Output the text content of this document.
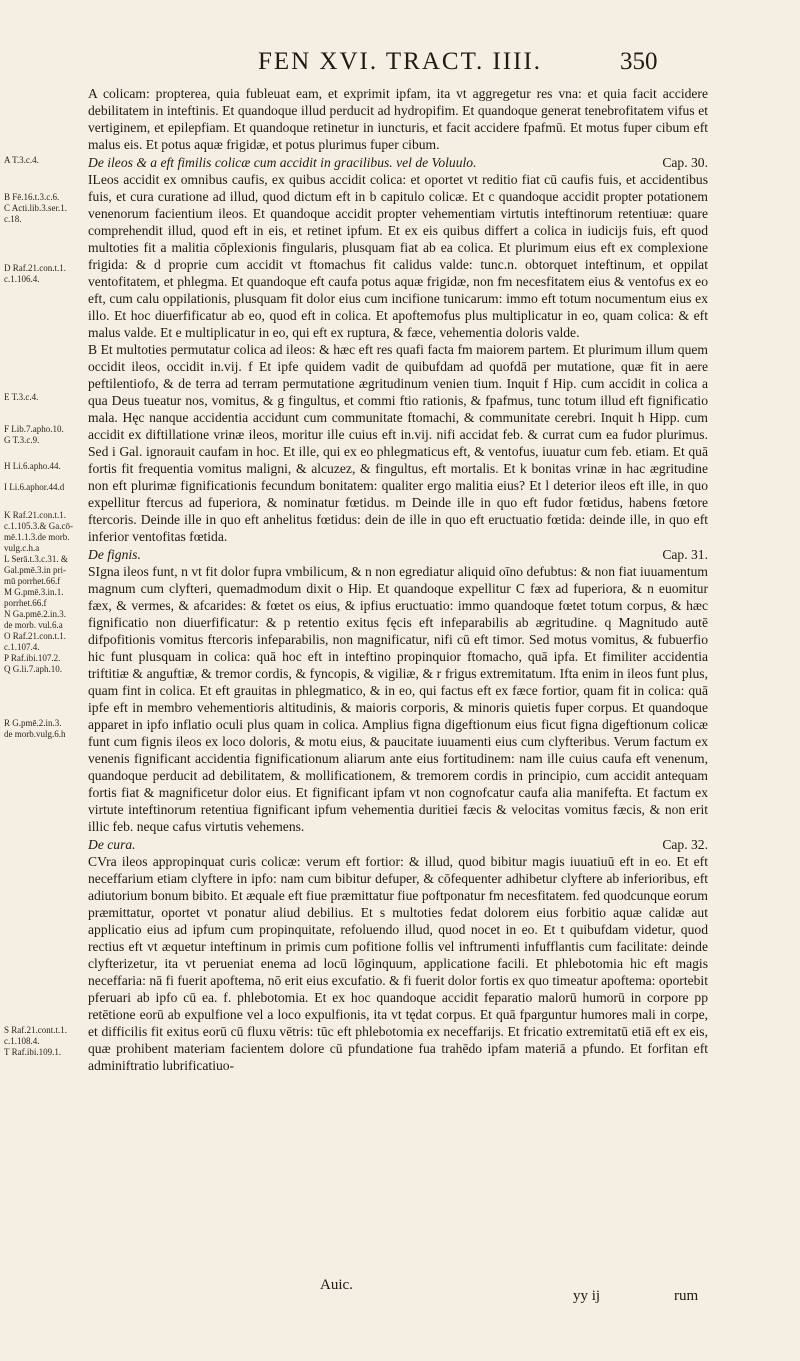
FEN XVI. TRACT. IIII.	350
A T.3.c.4.
B Fē.16.t.3.c.6.
C Acti.lib.3.ser.1.
c.18.
D Raf.21.con.t.1.
c.1.106.4.
E T.3.c.4.
F Lib.7.apho.10.
G T.3.c.9.
H Li.6.apho.44.
I Li.6.aphor.44.d
K Raf.21.con.t.1.
c.1.105.3.& Ga.cō-
mē.1.1.3.de morb.
vulg.c.h.a
L Serā.t.3.c.31. &
Gal.pmē.3.in pri-
mū porrhet.66.f
M G.pmē.3.in.1.
porrhet.66.f
N Ga.pmē.2.in.3.
de morb. vul.6.a
O Raf.21.con.t.1.
c.1.107.4.
P Raf.ibi.107.2.
Q G.li.7.aph.10.
R G.pmē.2.in.3.
de morb.vulg.6.h
S Raf.21.cont.t.1.
c.1.108.4.
T Raf.ibi.109.1.

A colicam: propterea, quia fubleuat eam, et exprimit ipfam, ita vt aggregetur res vna: et quia facit accidere debilitatem in inteftinis. Et quandoque illud perducit ad hydropifim. Et quandoque generat tenebrofitatem vifus et vertiginem, et epilepfiam. Et quandoque retinetur in iuncturis, et facit accidere fpafmū. Et motus fuper cibum eft malus eis. Et potus aquæ frigidæ, et potus plurimus fuper cibum.

Cap. 30.
De ileos & a eft fimilis colicæ cum accidit in gracilibus. vel de Voluulo.

ILeos accidit ex omnibus caufis, ex quibus accidit colica: et oportet vt reditio fiat cū caufis fuis, et accidentibus fuis, et cura curatione ad illud, quod dictum eft in b capitulo colicæ. Et c quandoque accidit propter potationem venenorum facientium ileos. Et quandoque accidit propter vehementiam virtutis inteftinorum retentiuæ: quare comprehendit illud, quod eft in eis, et retinet ipfum. Et ex eis quibus differt a colica in iudicijs fuis, eft quod multoties fit a malitia cōplexionis fingularis, plusquam fiat ab ea colica. Et plurimum eius eft ex complexione frigida: & d proprie cum accidit vt ftomachus fit calidus valde: tunc.n. obtorquet inteftinum, et oppilat ventofitatem, et phlegma. Et quandoque eft caufa potus aquæ frigidæ, non fm necesfitatem eius & ventofus ex eo eft, cum calu oppilationis, plusquam fit dolor eius cum incifione tunicarum: immo eft totum nocumentum eius ex illo. Et hoc diuerfificatur ab eo, quod eft in colica. Et apoftemofus plus multiplicatur in eo, quam colica: & eft malus valde. Et e multiplicatur in eo, qui eft ex ruptura, & fæce, vehementia doloris valde.

B Et multoties permutatur colica ad ileos: & hæc eft res quafi facta fm maiorem partem. Et plurimum illum quem occidit ileos, occidit in.vij. f Et ipfe quidem vadit de quibufdam ad quofdā per mutatione, quæ fit in aere peftilentiofo, & de terra ad terram permutatione ægritudinum venien tium. Inquit f Hip. cum accidit in colica a qua Deus tueatur nos, vomitus, & g fingultus, et commi ftio rationis, & fpafmus, tunc totum illud eft fignificatio mala. Hęc nanque accidentia accidunt cum communitate ftomachi, & communitate cerebri. Inquit h Hipp. cum accidit ex diftillatione vrinæ ileos, moritur ille cuius eft in.vij. nifi accidat feb. & currat cum ea fudor plurimus. Sed i Gal. ignorauit caufam in hoc. Et ille, qui ex eo phlegmaticus eft, & ventofus, iuuatur cum feb. etiam. Et quā fortis fit frequentia vomitus maligni, & alcuzez, & fingultus, eft mortalis. Et k bonitas vrinæ in hac ægritudine non eft plurimæ fignificationis fecundum bonitatem: qualiter ergo malitia eius? Et l deterior ileos eft ille, in quo expellitur ftercus ad fuperiora, & nominatur fœtidus. m Deinde ille in quo eft fudor fœtidus, habens fœtore ftercoris. Deinde ille in quo eft anhelitus fœtidus: dein de ille in quo eft eructuatio fœtida: deinde ille, in quo eft inferior ventofitas fœtida.

Cap. 31.
De fignis.

SIgna ileos funt, n vt fit dolor fupra vmbilicum, & n non egrediatur aliquid oīno defubtus: & non fiat iuuamentum magnum cum clyfteri, quemadmodum dixit o Hip. Et quandoque expellitur C fæx ad fuperiora, & n euomitur fæx, & vermes, & afcarides: & fœtet os eius, & ipfius eructuatio: immo quandoque fœtet totum corpus, & hæc fignificatio non diuerfificatur: & p retentio exitus fęcis eft infeparabilis ab ægritudine. q Magnitudo autē difpofitionis vomitus ftercoris infeparabilis, non magnificatur, nifi cū eft timor. Sed motus vomitus, & fubuerfio hic funt plusquam in colica: quā hoc eft in inteftino propinquior ftomacho, quā ipfa. Et fimiliter accidentia triftitiæ & anguftiæ, & tremor cordis, & fyncopis, & vigiliæ, & r frigus extremitatum. Ifta enim in ileos funt plus, quam fint in colica. Et eft grauitas in phlegmatico, & in eo, qui factus eft ex fæce fortior, quam fit in colica: quā ipfe eft in membro vehementioris altitudinis, & maioris corporis, & minoris quietis fuper corpus. Et quandoque apparet in ipfo inflatio oculi plus quam in colica. Amplius figna digeftionum eius ficut figna digeftionum colicæ funt cum fignis ileos ex loco doloris, & motu eius, & paucitate iuuamenti eius cum clyfteribus. Verum factum ex venenis fignificant accidentia fignificationum aliarum ante eius fortitudinem: nam ille cuius caufa eft venenum, quandoque perducit ad debilitatem, & mollificationem, & tremorem cordis in principio, cum accidit antequam fortis fiat & magnificetur dolor eius. Et fignificant ipfam vt non cognofcatur caufa alia manifefta. Et factum ex virtute inteftinorum retentiua fignificant ipfum vehementia duritiei fæcis & velocitas vomitus fæcis, & non erit illic feb. neque cafus virtutis vehemens.

Cap. 32.
De cura.

CVra ileos appropinquat curis colicæ: verum eft fortior: & illud, quod bibitur magis iuuatiuū eft in eo. Et eft neceffarium etiam clyftere in ipfo: nam cum bibitur defuper, & cōfequenter adhibetur clyftere ab inferioribus, eft adiutorium bonum bibito. Et æquale eft fiue præmittatur fiue poftponatur fm necesfitatem. fed quodcunque eorum præmittatur, oportet vt ponatur aliud debilius. Et s multoties fedat dolorem eius forbitio aquæ calidæ aut applicatio eius ad ipfum cum propinquitate, refoluendo illud, quod nocet in eo. Et t quibufdam videtur, quod rectius eft vt æquetur inteftinum in primis cum pofitione follis vel inftrumenti infufflantis cum facilitate: deinde clyfterizetur, ita vt perueniat enema ad locū lōginquum, applicatione facili. Et phlebotomia hic eft magis neceffaria: nā fi fuerit apoftema, nō erit eius excufatio. & fi fuerit dolor fortis ex quo timeatur apoftema: oportebit pferuari ab ipfo cū ea. f. phlebotomia. Et ex hoc quandoque accidit feparatio malorū humorū in corpore pp retētione eorū ab expulfione vel a loco expulfionis, ita vt tędat corpus. Et quā fparguntur humores mali in corpe, et difficilis fit exitus eorū cū fluxu vētris: tūc eft phlebotomia ex neceffarijs. Et fricatio extremitatū etiā eft ex eis, quæ prohibent materiam facientem dolore cū pfundatione fua trahēdo ipfam materiā a pfundo. Et forfitan eft adminiftratio lubrificatiuo-

Auic.
yy ij	rum
